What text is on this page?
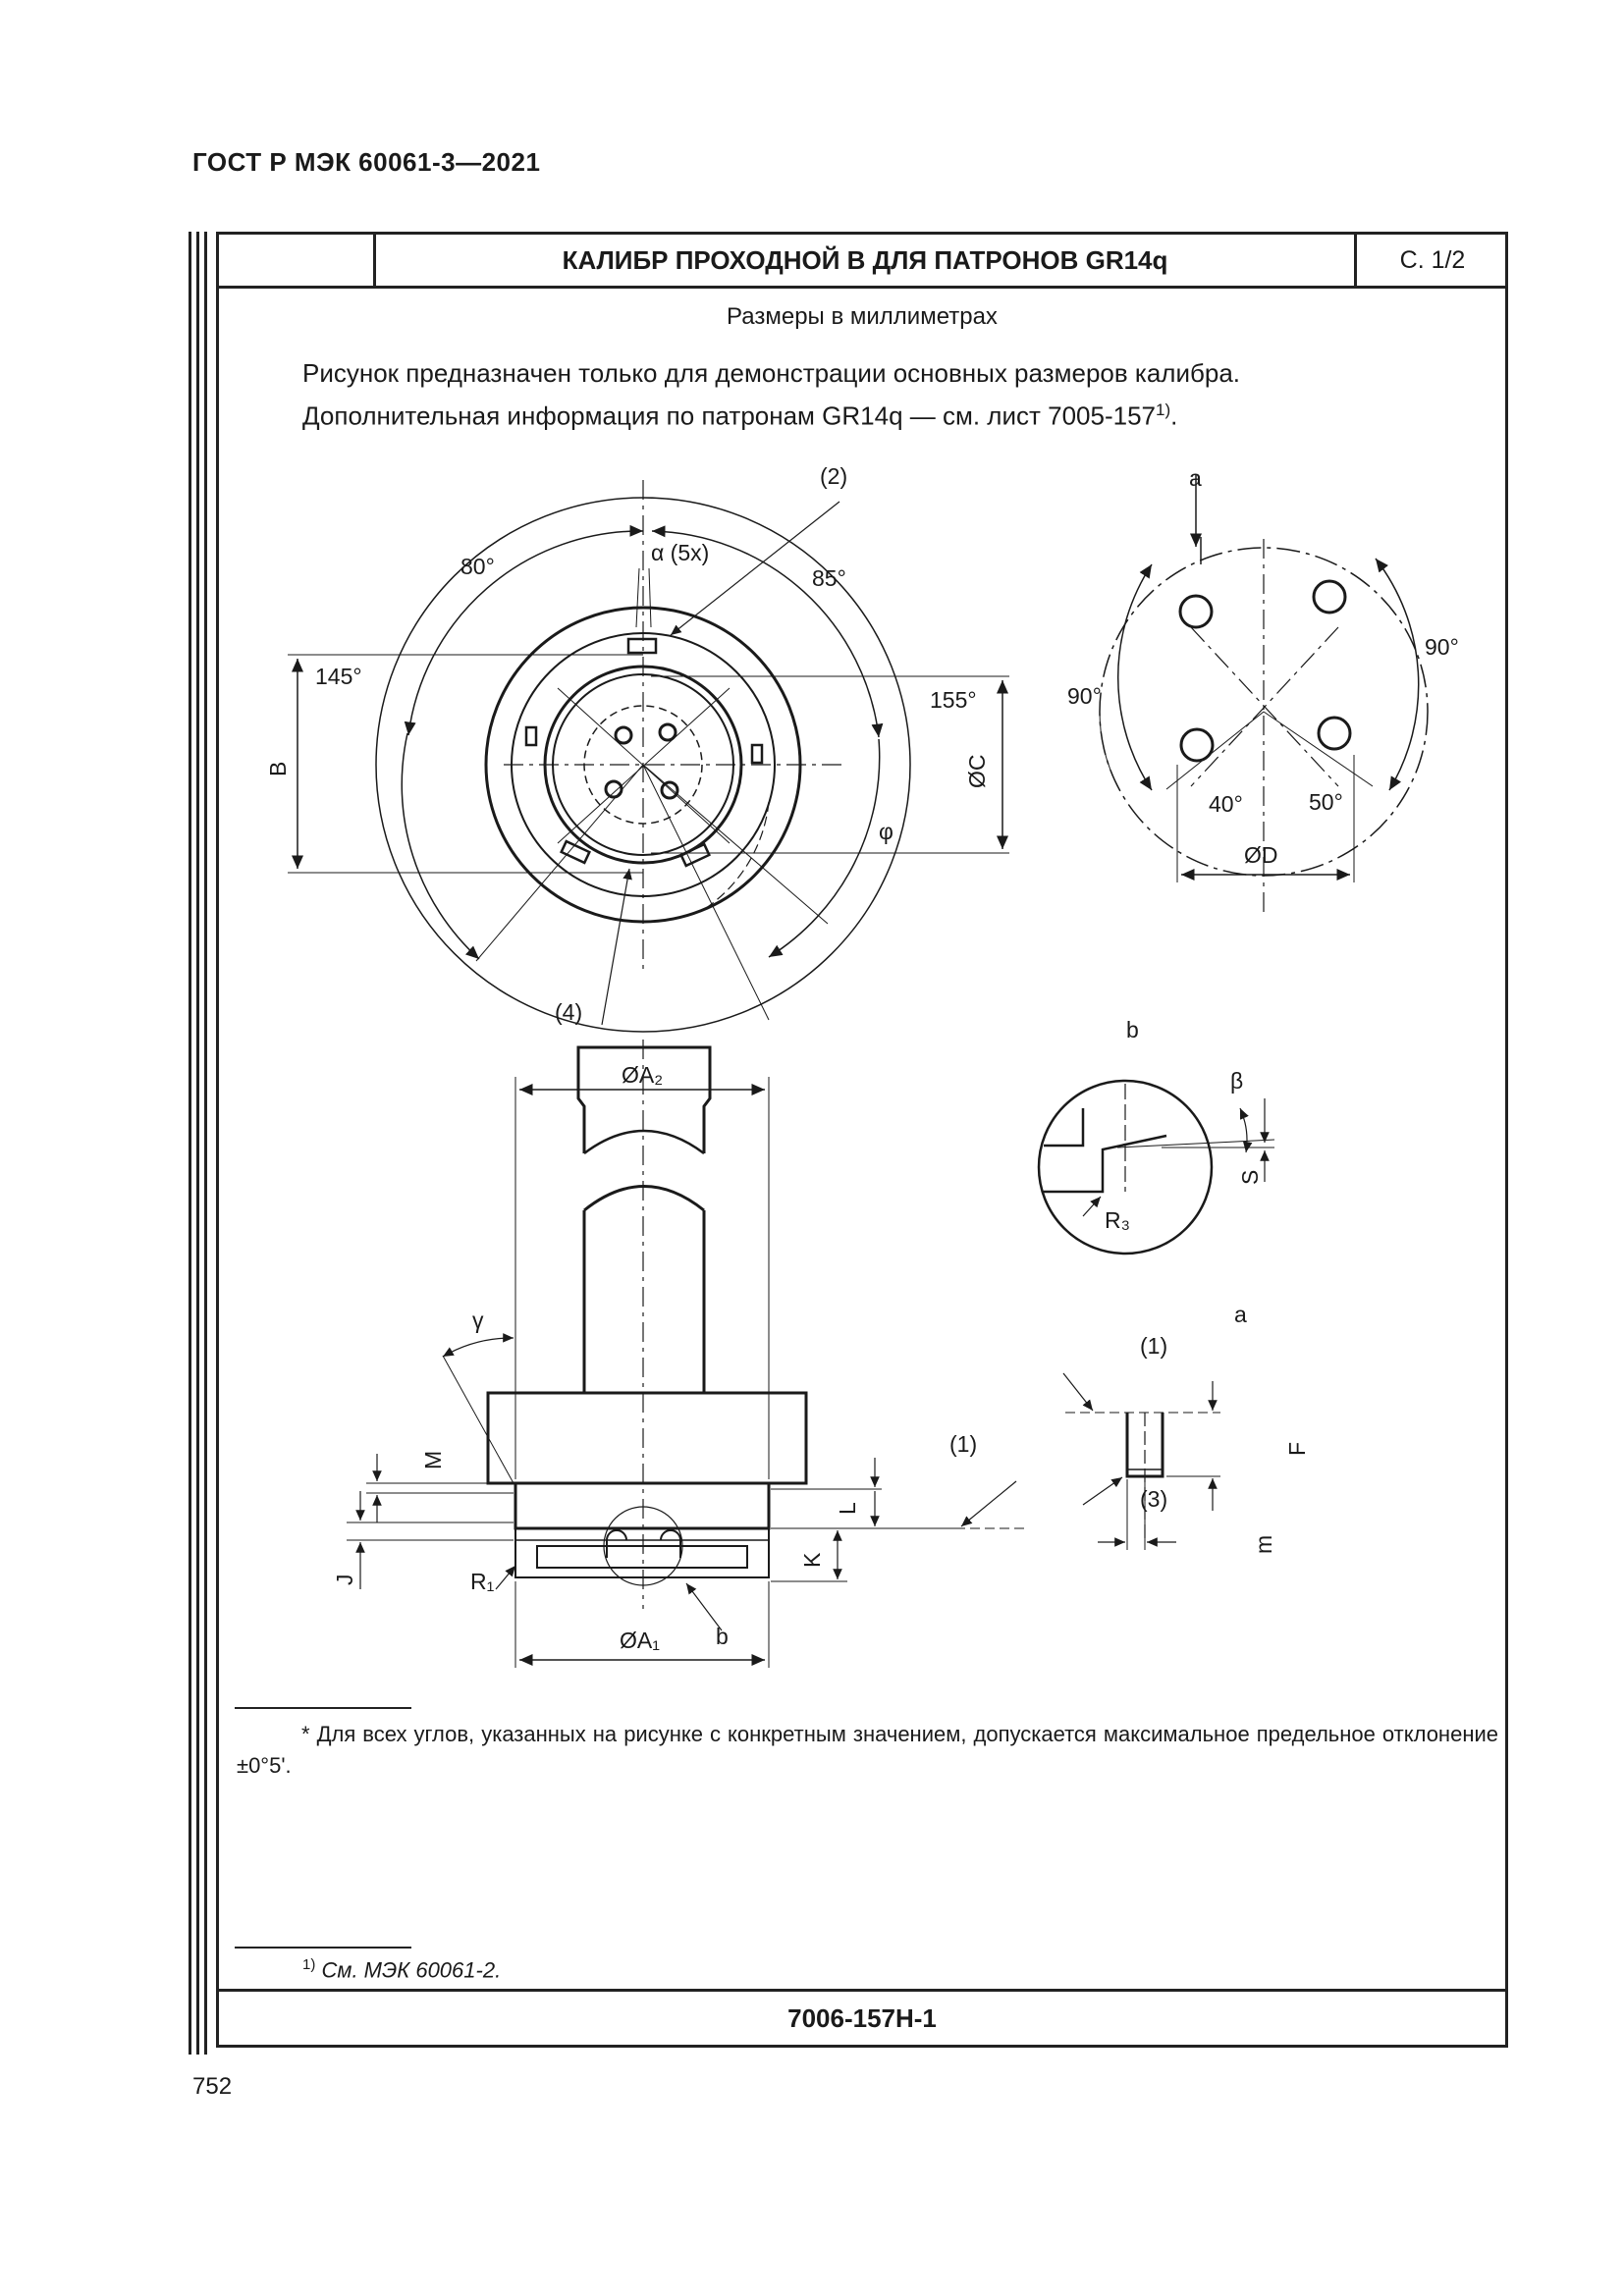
ГОСТ Р МЭК 60061-3—2021
КАЛИБР ПРОХОДНОЙ В ДЛЯ ПАТРОНОВ GR14q	С. 1/2
Размеры в миллиметрах
Рисунок предназначен только для демонстрации основных размеров калибра.
Дополнительная информация по патронам GR14q — см. лист 7005-157$^{1)}$.
(2)
α (5x)
80°	85°
145°
155°
B	ØC
φ
(4)
a
90°
90°
40°	50°
ØD
b
β
S
R₃
ØA₂
γ
M
(1)
L
K
J	R₁
ØA₁ b
a
(1)
F
(3)
m
* Для всех углов, указанных на рисунке с конкретным значением, допускается максимальное предельное отклонение ±0°5'.
$^{1)}$ См. МЭК 60061-2.
7006-157H-1
752
